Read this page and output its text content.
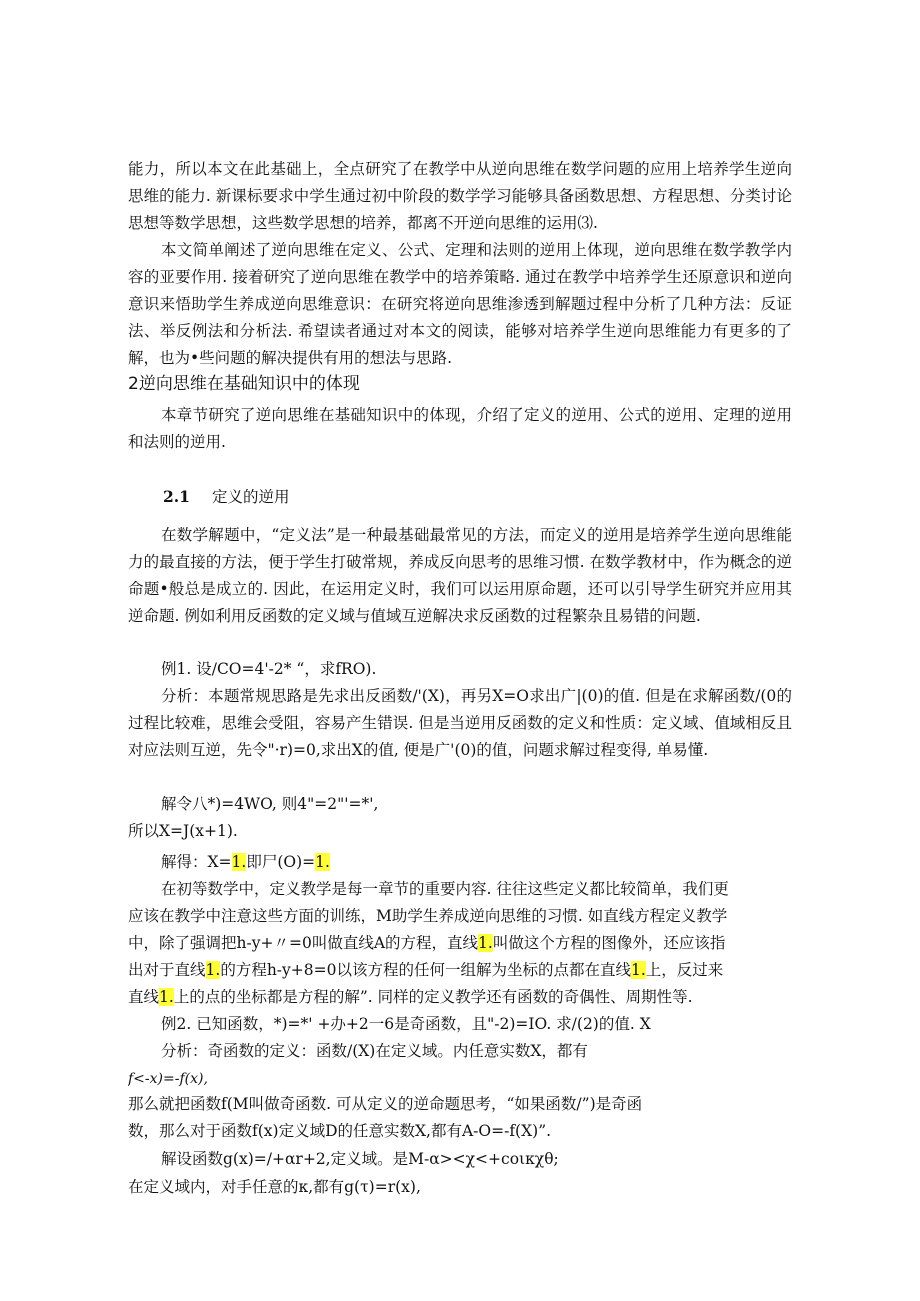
能力，所以本文在此基础上，全点研究了在教学中从逆向思维在数学问题的应用上培养学生逆向思维的能力. 新课标要求中学生通过初中阶段的数学学习能够具备函数思想、方程思想、分类讨论思想等数学思想，这些数学思想的培养，都离不开逆向思维的运用⑶.

本文简单阐述了逆向思维在定义、公式、定理和法则的逆用上体现，逆向思维在数学教学内容的亚要作用. 接着研究了逆向思维在教学中的培养策略. 通过在教学中培养学生还原意识和逆向意识来悟助学生养成逆向思维意识：在研究将逆向思维渗透到解题过程中分析了几种方法：反证法、举反例法和分析法. 希望读者通过对本文的阅读，能够对培养学生逆向思维能力有更多的了解，也为•些问题的解决提供有用的想法与思路.

2逆向思维在基础知识中的体现

本章节研究了逆向思维在基础知识中的体现，介绍了定义的逆用、公式的逆用、定理的逆用和法则的逆用.

2.1 定义的逆用

在数学解题中，“定义法”是一种最基础最常见的方法，而定义的逆用是培养学生逆向思维能力的最直接的方法，便于学生打破常规，养成反向思考的思维习惯. 在数学教材中，作为概念的逆命题•般总是成立的. 因此，在运用定义时，我们可以运用原命题，还可以引导学生研究并应用其逆命题. 例如利用反函数的定义域与值域互逆解决求反函数的过程繁杂且易错的问题.

例1. 设/CO=4'-2* “，求fRO).

分析：本题常规思路是先求出反函数/'(X)，再另X=O求出广|(0)的值. 但是在求解函数/(0的过程比较难，思维会受阻，容易产生错误. 但是当逆用反函数的定义和性质：定义域、值域相反且对应法则互逆，先令"·r)=0,求出X的值, 便是广'(0)的值，问题求解过程变得, 单易懂.

解令八*)=4WO, 则4"=2"'=*',

所以X=J(x+1).

解得：X=1.即尸(O)=1.

在初等数学中，定义教学是每一章节的重要内容. 往往这些定义都比较简单，我们更

应该在教学中注意这些方面的训练，M助学生养成逆向思维的习惯. 如直线方程定义教学

中，除了强调把h-y+〃=0叫做直线A的方程，直线1.叫做这个方程的图像外，还应该指

出对于直线1.的方程h-y+8=0以该方程的任何一组解为坐标的点都在直线1.上，反过来

直线1.上的点的坐标都是方程的解”. 同样的定义教学还有函数的奇偶性、周期性等.

例2. 已知函数，*)=*' +办+2一6是奇函数，且"-2)=IO. 求/(2)的值. X

分析：奇函数的定义：函数/(X)在定义域。内任意实数X，都有

f<-x)=-f(x),

那么就把函数f(M叫做奇函数. 可从定义的逆命题思考，“如果函数/”)是奇函

数，那么对于函数f(x)定义域D的任意实数X,都有A-O=-f(X)”.

解设函数g(x)=/+αr+2,定义域。是M-α><χ<+coικχθ;

在定义域内，对手任意的κ,都有g(τ)=r(x),
